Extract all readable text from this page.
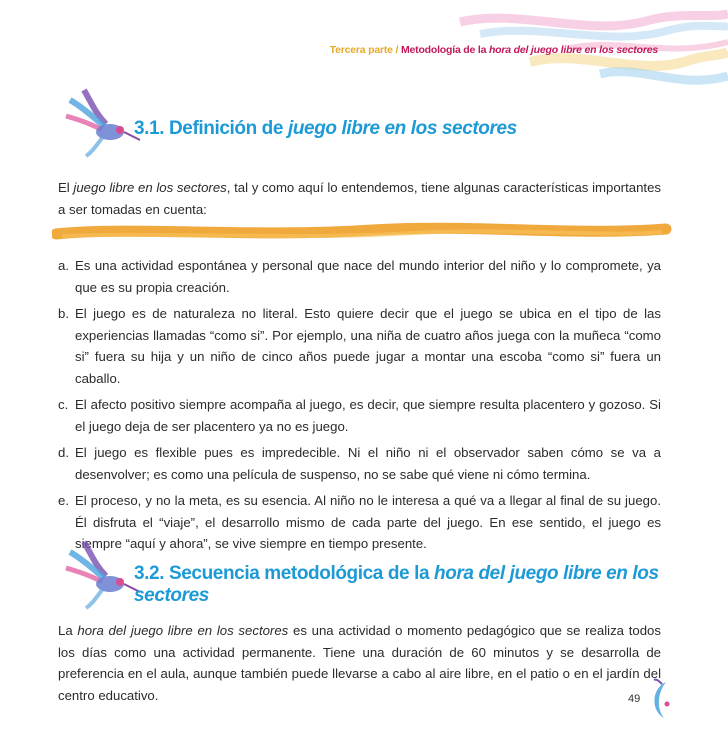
Tercera parte / Metodología de la hora del juego libre en los sectores
3.1. Definición de juego libre en los sectores

El juego libre en los sectores, tal y como aquí lo entendemos, tiene algunas características importantes a ser tomadas en cuenta:

a. Es una actividad espontánea y personal que nace del mundo interior del niño y lo compromete, ya que es su propia creación.
b. El juego es de naturaleza no literal. Esto quiere decir que el juego se ubica en el tipo de las experiencias llamadas “como si”. Por ejemplo, una niña de cuatro años juega con la muñeca “como si” fuera su hija y un niño de cinco años puede jugar a montar una escoba “como si” fuera un caballo.
c. El afecto positivo siempre acompaña al juego, es decir, que siempre resulta placentero y gozoso. Si el juego deja de ser placentero ya no es juego.
d. El juego es flexible pues es impredecible. Ni el niño ni el observador saben cómo se va a desenvolver; es como una película de suspenso, no se sabe qué viene ni cómo termina.
e. El proceso, y no la meta, es su esencia. Al niño no le interesa a qué va a llegar al final de su juego. Él disfruta el “viaje”, el desarrollo mismo de cada parte del juego. En ese sentido, el juego es siempre “aquí y ahora”, se vive siempre en tiempo presente.
3.2. Secuencia metodológica de la hora del juego libre en los sectores

La hora del juego libre en los sectores es una actividad o momento pedagógico que se realiza todos los días como una actividad permanente. Tiene una duración de 60 minutos y se desarrolla de preferencia en el aula, aunque también puede llevarse a cabo al aire libre, en el patio o en el jardín del centro educativo.	49
